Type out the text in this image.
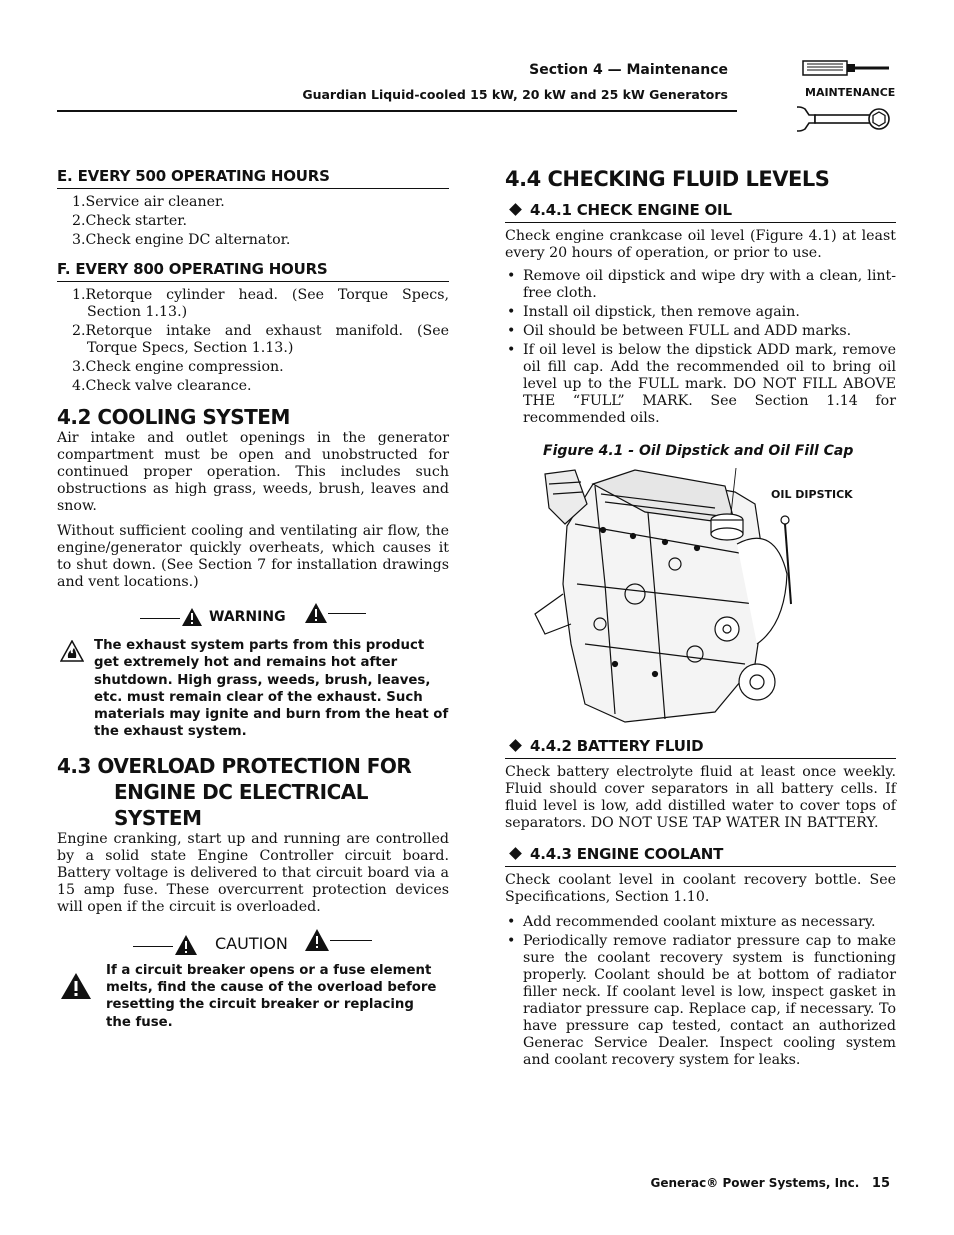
Section 4 — Maintenance
Guardian Liquid-cooled 15 kW, 20 kW and 25 kW Generators	MAINTENANCE
E. EVERY 500 OPERATING HOURS
1.Service air cleaner.
2.Check starter.
3.Check engine DC alternator.
F. EVERY 800 OPERATING HOURS
1.Retorque cylinder head. (See Torque Specs, Section 1.13.)
2.Retorque intake and exhaust manifold. (See Torque Specs, Section 1.13.)
3.Check engine compression.
4.Check valve clearance.
4.2 COOLING SYSTEM

Air intake and outlet openings in the generator compartment must be open and unobstructed for continued proper operation. This includes such obstructions as high grass, weeds, brush, leaves and snow.

Without sufficient cooling and ventilating air flow, the engine/generator quickly overheats, which causes it to shut down. (See Section 7 for installation drawings and vent locations.)

WARNING
The exhaust system parts from this product get extremely hot and remains hot after shutdown. High grass, weeds, brush, leaves, etc. must remain clear of the exhaust. Such materials may ignite and burn from the heat of the exhaust system.
4.3 OVERLOAD PROTECTION FOR
ENGINE DC ELECTRICAL SYSTEM

Engine cranking, start up and running are controlled by a solid state Engine Controller circuit board. Battery voltage is delivered to that circuit board via a 15 amp fuse. These overcurrent protection devices will open if the circuit is overloaded.

CAUTION
If a circuit breaker opens or a fuse element melts, find the cause of the overload before resetting the circuit breaker or replacing the fuse.
4.4 CHECKING FLUID LEVELS
4.4.1 CHECK ENGINE OIL

Check engine crankcase oil level (Figure 4.1) at least every 20 hours of operation, or prior to use.

• Remove oil dipstick and wipe dry with a clean, lint-free cloth.
• Install oil dipstick, then remove again.
• Oil should be between FULL and ADD marks.
• If oil level is below the dipstick ADD mark, remove oil fill cap. Add the recommended oil to bring oil level up to the FULL mark. DO NOT FILL ABOVE THE “FULL” MARK. See Section 1.14 for recommended oils.
Figure 4.1 - Oil Dipstick and Oil Fill Cap
OIL DIPSTICK
4.4.2 BATTERY FLUID

Check battery electrolyte fluid at least once weekly. Fluid should cover separators in all battery cells. If fluid level is low, add distilled water to cover tops of separators. DO NOT USE TAP WATER IN BATTERY.

4.4.3 ENGINE COOLANT

Check coolant level in coolant recovery bottle. See Specifications, Section 1.10.

• Add recommended coolant mixture as necessary.
• Periodically remove radiator pressure cap to make sure the coolant recovery system is functioning properly. Coolant should be at bottom of radiator filler neck. If coolant level is low, inspect gasket in radiator pressure cap. Replace cap, if necessary. To have pressure cap tested, contact an authorized Generac Service Dealer. Inspect cooling system and coolant recovery system for leaks.
Generac® Power Systems, Inc. 15
